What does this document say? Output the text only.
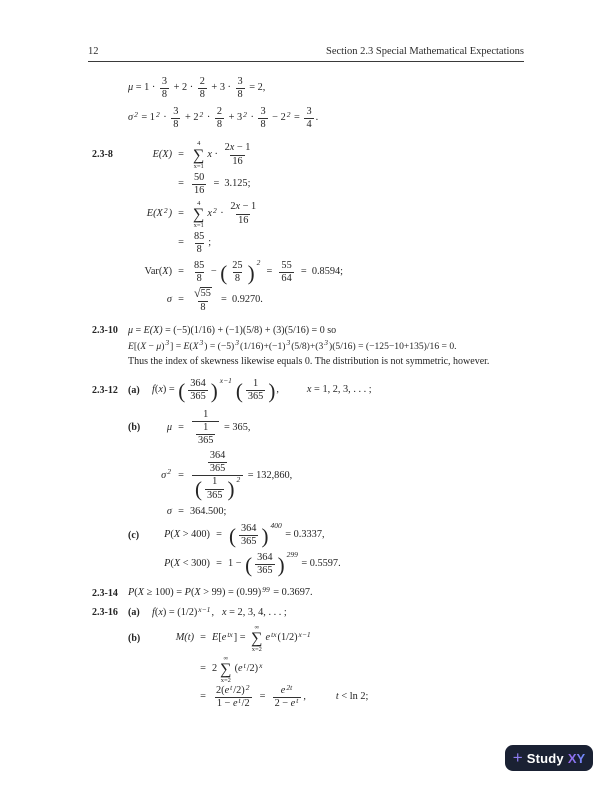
12	Section 2.3 Special Mathematical Expectations
$\mu = 1 \cdot \frac{3}{8} + 2 \cdot \frac{2}{8} + 3 \cdot \frac{3}{8} = 2$,
σ 2 = 1 $2 \cdot \frac{3}{8} + 2$ $2 \cdot \frac{2}{8} + 3$ $2 \cdot \frac{3}{8} - 2$ $2 = \frac{3}{4}$ .
2.3-8	E(X) =
4
∑
x=1
$x \cdot \frac{2 x - 1}{16}$
= $\frac{50}{16} = 3.125$;
E(X 2 ) =
4
∑
x=1
x $2 \cdot \frac{2 x - 1}{16}$
= $\frac{85}{8}$ ;
Var( X ) = $\frac{85}{8}$ − ( $\frac{25}{8}$ ) 2
= $\frac{55}{64} = 0.8594$;
$\sigma = \frac{√ 55}{8} = 0.9270$.
2.3-10	μ = E(X) = (−5)(1/16) + (−1)(5/8) + (3)(5/16) = 0 so
E [( X − μ ) 3 ] = E ( X 3 ) = (−5) 3 (1/16)+(−1) 3 (5/8)+(3 3 )(5/16) = (−125−10+135)/16 = 0.
Thus the index of skewness likewise equals 0. The distribution is not symmetric, however.
2.3-12	(a)	f ( x ) = ( $\frac{364}{365}$ ) x−1 ( $\frac{1}{365}$ ) ,	x = 1, 2, 3, . . . ;
(b)	$\mu = \frac{1}{\frac{1}{365}} = 365$,
σ $2 = \frac{\frac{364}{365}}{( \frac{1}{365} ) 2} = 132,860$,
σ = 364.500;
(c)	P ( X > 400) = ( $\frac{364}{365}$ ) 400
= 0.3337,
P ( X < 300) = 1 − ( $\frac{364}{365}$ ) 299
= 0.5597.
2.3-14 P ( X ≥ 100) = P ( X > 99) = (0.99) 99 = 0.3697.
2.3-16	(a)	f ( x ) = (1/2) x−1 , x = 2, 3, 4, . . . ;
(b)	M(t) = E [ e tx ] =
∞
∑
x=2
e tx (1/2) x−1
= 2
∞
∑
x=2
( e t /2) x
= $\frac{\text{2( e t /2) 2}}{\text{1 − e t /2}} = \frac{e 2t}{\text{2 − e t}}$ ,	t < ln 2;
+ Study XY
